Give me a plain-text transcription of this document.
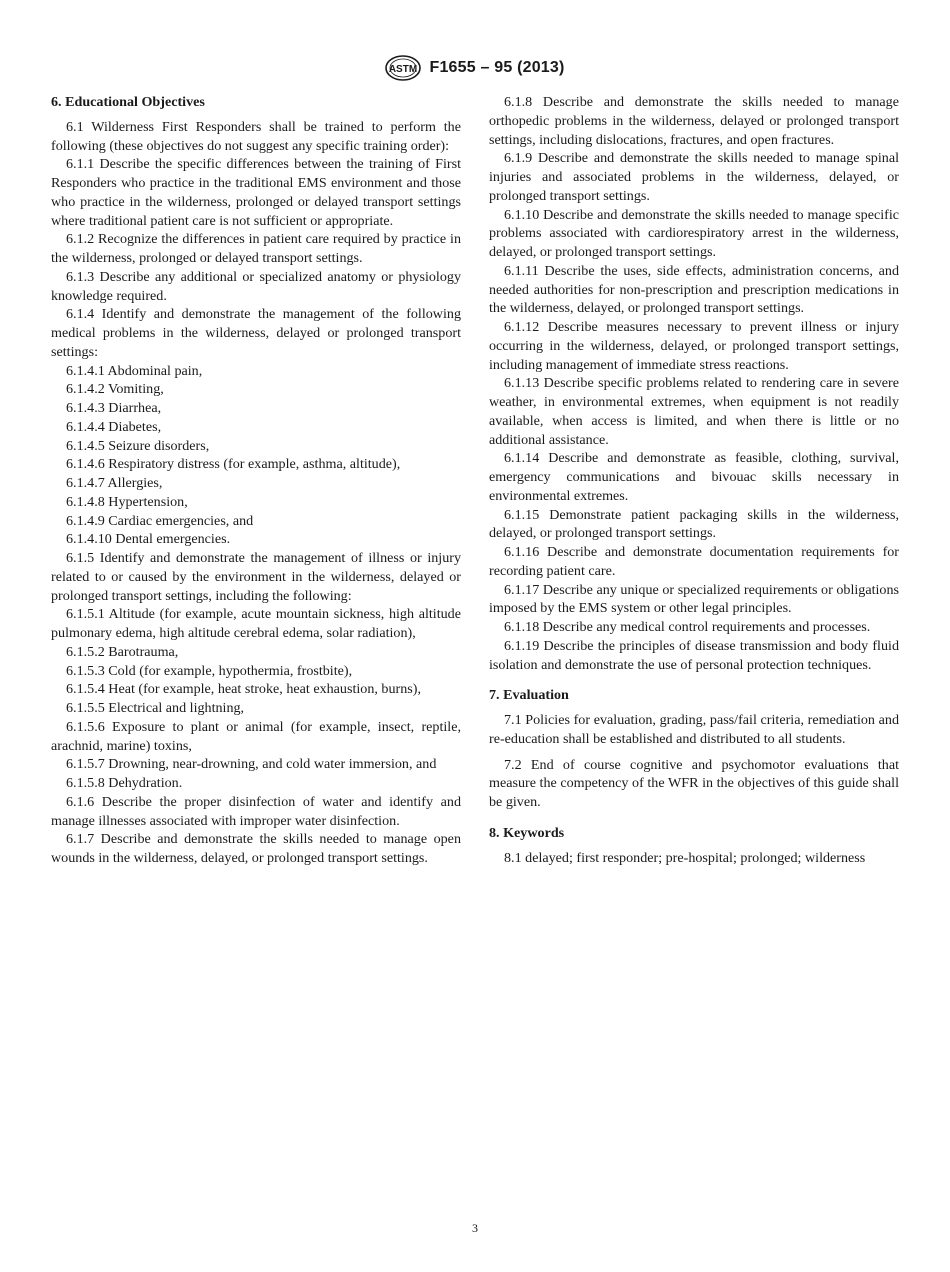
ASTM F1655 – 95 (2013)
6. Educational Objectives

6.1 Wilderness First Responders shall be trained to perform the following (these objectives do not suggest any specific training order):

6.1.1 Describe the specific differences between the training of First Responders who practice in the traditional EMS environment and those who practice in the wilderness, prolonged or delayed transport settings where traditional patient care is not sufficient or appropriate.

6.1.2 Recognize the differences in patient care required by practice in the wilderness, prolonged or delayed transport settings.

6.1.3 Describe any additional or specialized anatomy or physiology knowledge required.

6.1.4 Identify and demonstrate the management of the following medical problems in the wilderness, delayed or prolonged transport settings:

6.1.4.1 Abdominal pain,

6.1.4.2 Vomiting,

6.1.4.3 Diarrhea,

6.1.4.4 Diabetes,

6.1.4.5 Seizure disorders,

6.1.4.6 Respiratory distress (for example, asthma, altitude),

6.1.4.7 Allergies,

6.1.4.8 Hypertension,

6.1.4.9 Cardiac emergencies, and

6.1.4.10 Dental emergencies.

6.1.5 Identify and demonstrate the management of illness or injury related to or caused by the environment in the wilderness, delayed or prolonged transport settings, including the following:

6.1.5.1 Altitude (for example, acute mountain sickness, high altitude pulmonary edema, high altitude cerebral edema, solar radiation),

6.1.5.2 Barotrauma,

6.1.5.3 Cold (for example, hypothermia, frostbite),

6.1.5.4 Heat (for example, heat stroke, heat exhaustion, burns),

6.1.5.5 Electrical and lightning,

6.1.5.6 Exposure to plant or animal (for example, insect, reptile, arachnid, marine) toxins,

6.1.5.7 Drowning, near-drowning, and cold water immersion, and

6.1.5.8 Dehydration.

6.1.6 Describe the proper disinfection of water and identify and manage illnesses associated with improper water disinfection.

6.1.7 Describe and demonstrate the skills needed to manage open wounds in the wilderness, delayed, or prolonged transport settings.

6.1.8 Describe and demonstrate the skills needed to manage orthopedic problems in the wilderness, delayed or prolonged transport settings, including dislocations, fractures, and open fractures.

6.1.9 Describe and demonstrate the skills needed to manage spinal injuries and associated problems in the wilderness, delayed, or prolonged transport settings.

6.1.10 Describe and demonstrate the skills needed to manage specific problems associated with cardiorespiratory arrest in the wilderness, delayed, or prolonged transport settings.

6.1.11 Describe the uses, side effects, administration concerns, and needed authorities for non-prescription and prescription medications in the wilderness, delayed, or prolonged transport settings.

6.1.12 Describe measures necessary to prevent illness or injury occurring in the wilderness, delayed, or prolonged transport settings, including management of immediate stress reactions.

6.1.13 Describe specific problems related to rendering care in severe weather, in environmental extremes, when equipment is not readily available, when access is limited, and when there is little or no additional assistance.

6.1.14 Describe and demonstrate as feasible, clothing, survival, emergency communications and bivouac skills necessary in environmental extremes.

6.1.15 Demonstrate patient packaging skills in the wilderness, delayed, or prolonged transport settings.

6.1.16 Describe and demonstrate documentation requirements for recording patient care.

6.1.17 Describe any unique or specialized requirements or obligations imposed by the EMS system or other legal principles.

6.1.18 Describe any medical control requirements and processes.

6.1.19 Describe the principles of disease transmission and body fluid isolation and demonstrate the use of personal protection techniques.

7. Evaluation

7.1 Policies for evaluation, grading, pass/fail criteria, remediation and re-education shall be established and distributed to all students.

7.2 End of course cognitive and psychomotor evaluations that measure the competency of the WFR in the objectives of this guide shall be given.

8. Keywords

8.1 delayed; first responder; pre-hospital; prolonged; wilderness

3
